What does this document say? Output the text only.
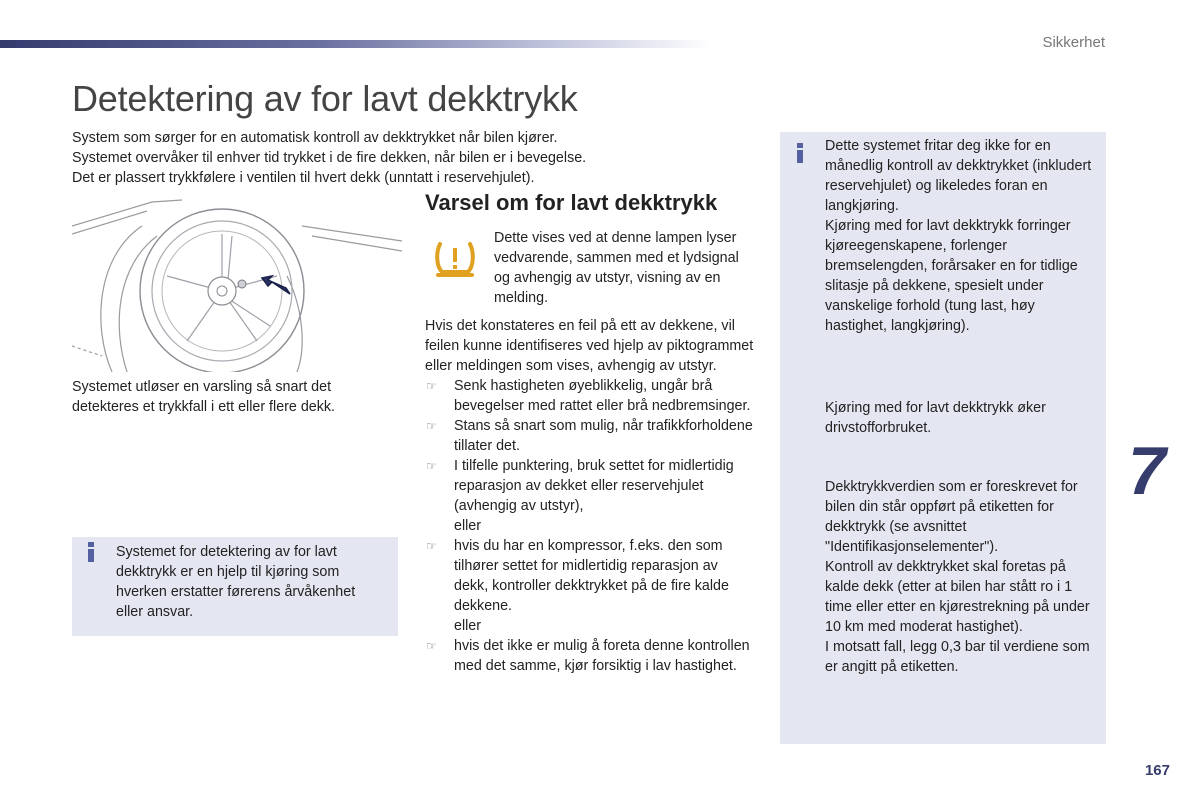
Sikkerhet
Detektering av for lavt dekktrykk

System som sørger for en automatisk kontroll av dekktrykket når bilen kjører.

Systemet overvåker til enhver tid trykket i de fire dekken, når bilen er i bevegelse.

Det er plassert trykkfølere i ventilen til hvert dekk (unntatt i reservehjulet).

Systemet utløser en varsling så snart det detekteres et trykkfall i ett eller flere dekk.
Systemet for detektering av for lavt dekktrykk er en hjelp til kjøring som hverken erstatter førerens årvåkenhet eller ansvar.
Varsel om for lavt dekktrykk
Dette vises ved at denne lampen lyser vedvarende, sammen med et lydsignal og avhengig av utstyr, visning av en melding.

Hvis det konstateres en feil på ett av dekkene, vil feilen kunne identifiseres ved hjelp av piktogrammet eller meldingen som vises, avhengig av utstyr.

☞ Senk hastigheten øyeblikkelig, ungår brå bevegelser med rattet eller brå nedbremsinger.
☞ Stans så snart som mulig, når trafikkforholdene tillater det.
☞ I tilfelle punktering, bruk settet for midlertidig reparasjon av dekket eller reservehjulet (avhengig av utstyr),
eller
☞ hvis du har en kompressor, f.eks. den som tilhører settet for midlertidig reparasjon av dekk, kontroller dekktrykket på de fire kalde dekkene.
eller
☞ hvis det ikke er mulig å foreta denne kontrollen med det samme, kjør forsiktig i lav hastighet.

Dette systemet fritar deg ikke for en månedlig kontroll av dekktrykket (inkludert reservehjulet) og likeledes foran en langkjøring.

Kjøring med for lavt dekktrykk forringer kjøreegenskapene, forlenger bremselengden, forårsaker en for tidlige slitasje på dekkene, spesielt under vanskelige forhold (tung last, høy hastighet, langkjøring).

Kjøring med for lavt dekktrykk øker drivstofforbruket.

Dekktrykkverdien som er foreskrevet for bilen din står oppført på etiketten for dekktrykk (se avsnittet "Identifikasjonselementer").

Kontroll av dekktrykket skal foretas på kalde dekk (etter at bilen har stått ro i 1 time eller etter en kjørestrekning på under 10 km med moderat hastighet).

I motsatt fall, legg 0,3 bar til verdiene som er angitt på etiketten.

7
167
